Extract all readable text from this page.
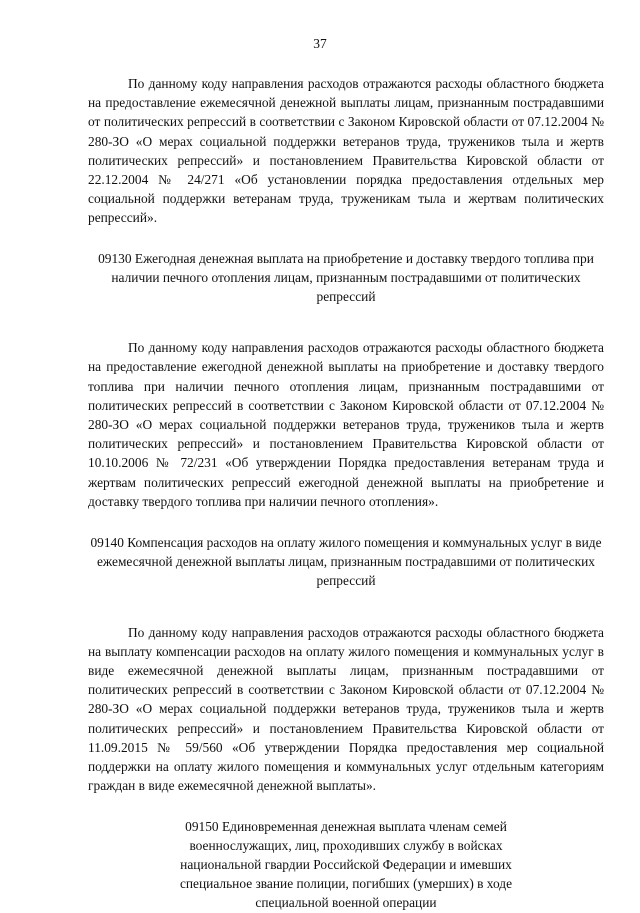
37

По данному коду направления расходов отражаются расходы областного бюджета на предоставление ежемесячной денежной выплаты лицам, признанным пострадавшими от политических репрессий в соответствии с Законом Кировской области от 07.12.2004 № 280-ЗО «О мерах социальной поддержки ветеранов труда, тружеников тыла и жертв политических репрессий» и постановлением Правительства Кировской области от 22.12.2004 № 24/271 «Об установлении порядка предоставления отдельных мер социальной поддержки ветеранам труда, труженикам тыла и жертвам политических репрессий».

09130 Ежегодная денежная выплата на приобретение и доставку твердого топлива при наличии печного отопления лицам, признанным пострадавшими от политических репрессий

По данному коду направления расходов отражаются расходы областного бюджета на предоставление ежегодной денежной выплаты на приобретение и доставку твердого топлива при наличии печного отопления лицам, признанным пострадавшими от политических репрессий в соответствии с Законом Кировской области от 07.12.2004 № 280-ЗО «О мерах социальной поддержки ветеранов труда, тружеников тыла и жертв политических репрессий» и постановлением Правительства Кировской области от 10.10.2006 № 72/231 «Об утверждении Порядка предоставления ветеранам труда и жертвам политических репрессий ежегодной денежной выплаты на приобретение и доставку твердого топлива при наличии печного отопления».

09140 Компенсация расходов на оплату жилого помещения и коммунальных услуг в виде ежемесячной денежной выплаты лицам, признанным пострадавшими от политических репрессий

По данному коду направления расходов отражаются расходы областного бюджета на выплату компенсации расходов на оплату жилого помещения и коммунальных услуг в виде ежемесячной денежной выплаты лицам, признанным пострадавшими от политических репрессий в соответствии с Законом Кировской области от 07.12.2004 № 280-ЗО «О мерах социальной поддержки ветеранов труда, тружеников тыла и жертв политических репрессий» и постановлением Правительства Кировской области от 11.09.2015 № 59/560 «Об утверждении Порядка предоставления мер социальной поддержки на оплату жилого помещения и коммунальных услуг отдельным категориям граждан в виде ежемесячной денежной выплаты».

09150 Единовременная денежная выплата членам семей военнослужащих, лиц, проходивших службу в войсках национальной гвардии Российской Федерации и имевших специальное звание полиции, погибших (умерших) в ходе специальной военной операции
